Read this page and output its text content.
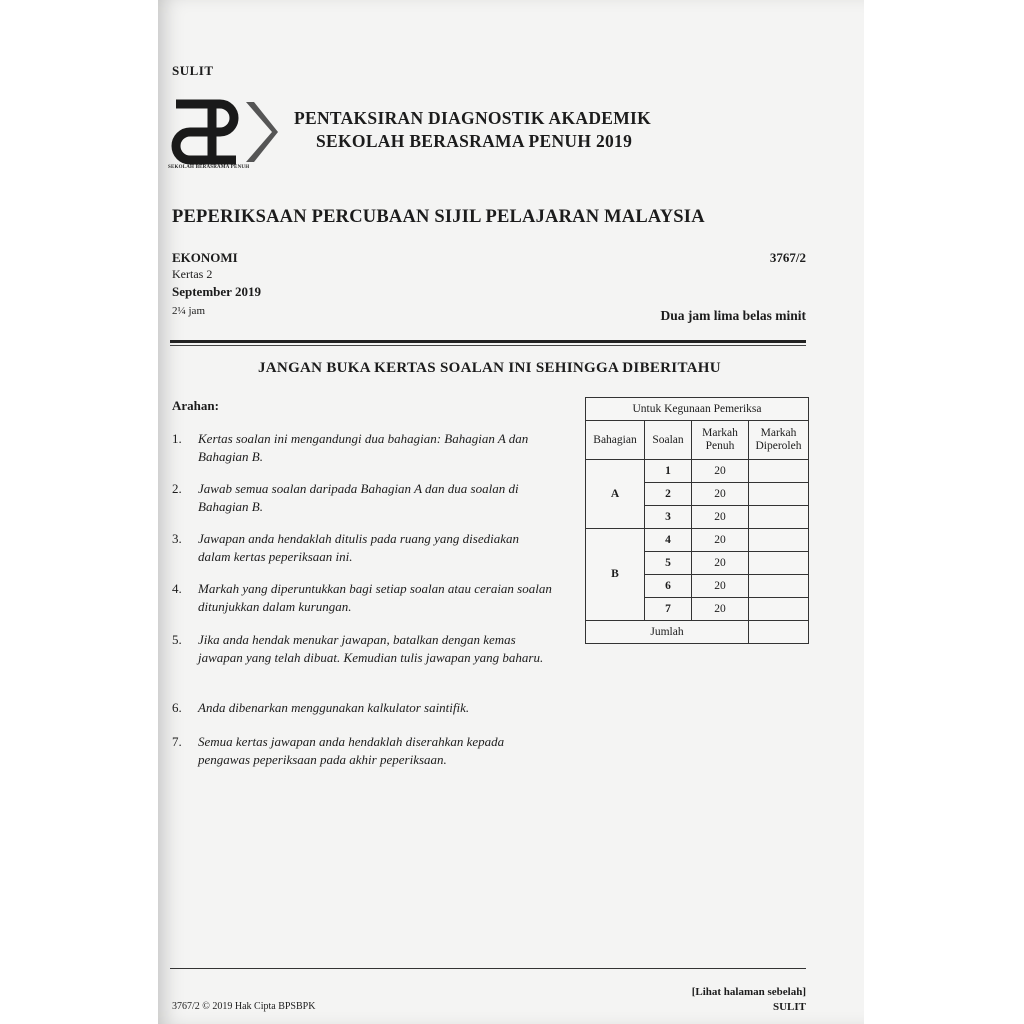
SULIT
SEKOLAH BERASRAMA PENUH
PENTAKSIRAN DIAGNOSTIK AKADEMIK
SEKOLAH BERASRAMA PENUH 2019
PEPERIKSAAN PERCUBAAN SIJIL PELAJARAN MALAYSIA
EKONOMI
Kertas 2
September 2019
2¼ jam
3767/2
Dua jam lima belas minit
JANGAN BUKA KERTAS SOALAN INI SEHINGGA DIBERITAHU
Arahan:
1. Kertas soalan ini mengandungi dua bahagian: Bahagian A dan Bahagian B.
2. Jawab semua soalan daripada Bahagian A dan dua soalan di Bahagian B.
3. Jawapan anda hendaklah ditulis pada ruang yang disediakan dalam kertas peperiksaan ini.
4. Markah yang diperuntukkan bagi setiap soalan atau ceraian soalan ditunjukkan dalam kurungan.
5. Jika anda hendak menukar jawapan, batalkan dengan kemas jawapan yang telah dibuat. Kemudian tulis jawapan yang baharu.
6. Anda dibenarkan menggunakan kalkulator saintifik.
7. Semua kertas jawapan anda hendaklah diserahkan kepada pengawas peperiksaan pada akhir peperiksaan.
Untuk Kegunaan Pemeriksa			
Bahagian	Soalan	Markah Penuh	Markah Diperoleh
A	1	20	
	2	20	
	3	20	
B	4	20	
	5	20	
	6	20	
	7	20	
Jumlah			
3767/2 © 2019 Hak Cipta BPSBPK
[Lihat halaman sebelah]
SULIT
